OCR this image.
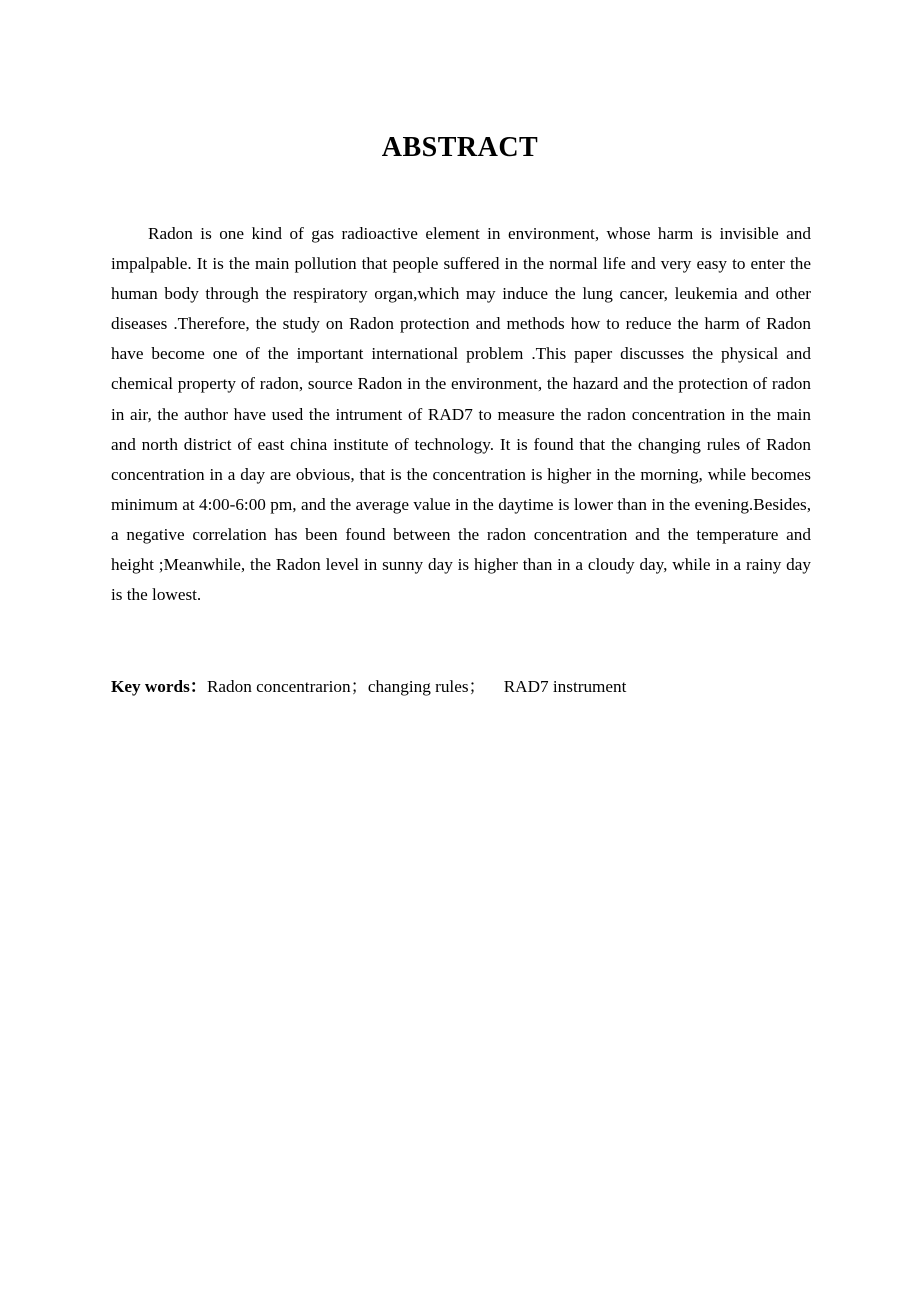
ABSTRACT

Radon is one kind of gas radioactive element in environment, whose harm is invisible and impalpable. It is the main pollution that people suffered in the normal life and very easy to enter the human body through the respiratory organ,which may induce the lung cancer, leukemia and other diseases .Therefore, the study on Radon protection and methods how to reduce the harm of Radon have become one of the important international problem .This paper discusses the physical and chemical property of radon, source Radon in the environment, the hazard and the protection of radon in air, the author have used the intrument of RAD7 to measure the radon concentration in the main and north district of east china institute of technology. It is found that the changing rules of Radon concentration in a day are obvious, that is the concentration is higher in the morning, while becomes minimum at 4:00-6:00 pm, and the average value in the daytime is lower than in the evening.Besides, a negative correlation has been found between the radon concentration and the temperature and height ;Meanwhile, the Radon level in sunny day is higher than in a cloudy day, while in a rainy day is the lowest.

Key words：Radon concentrarion；changing rules； RAD7 instrument
